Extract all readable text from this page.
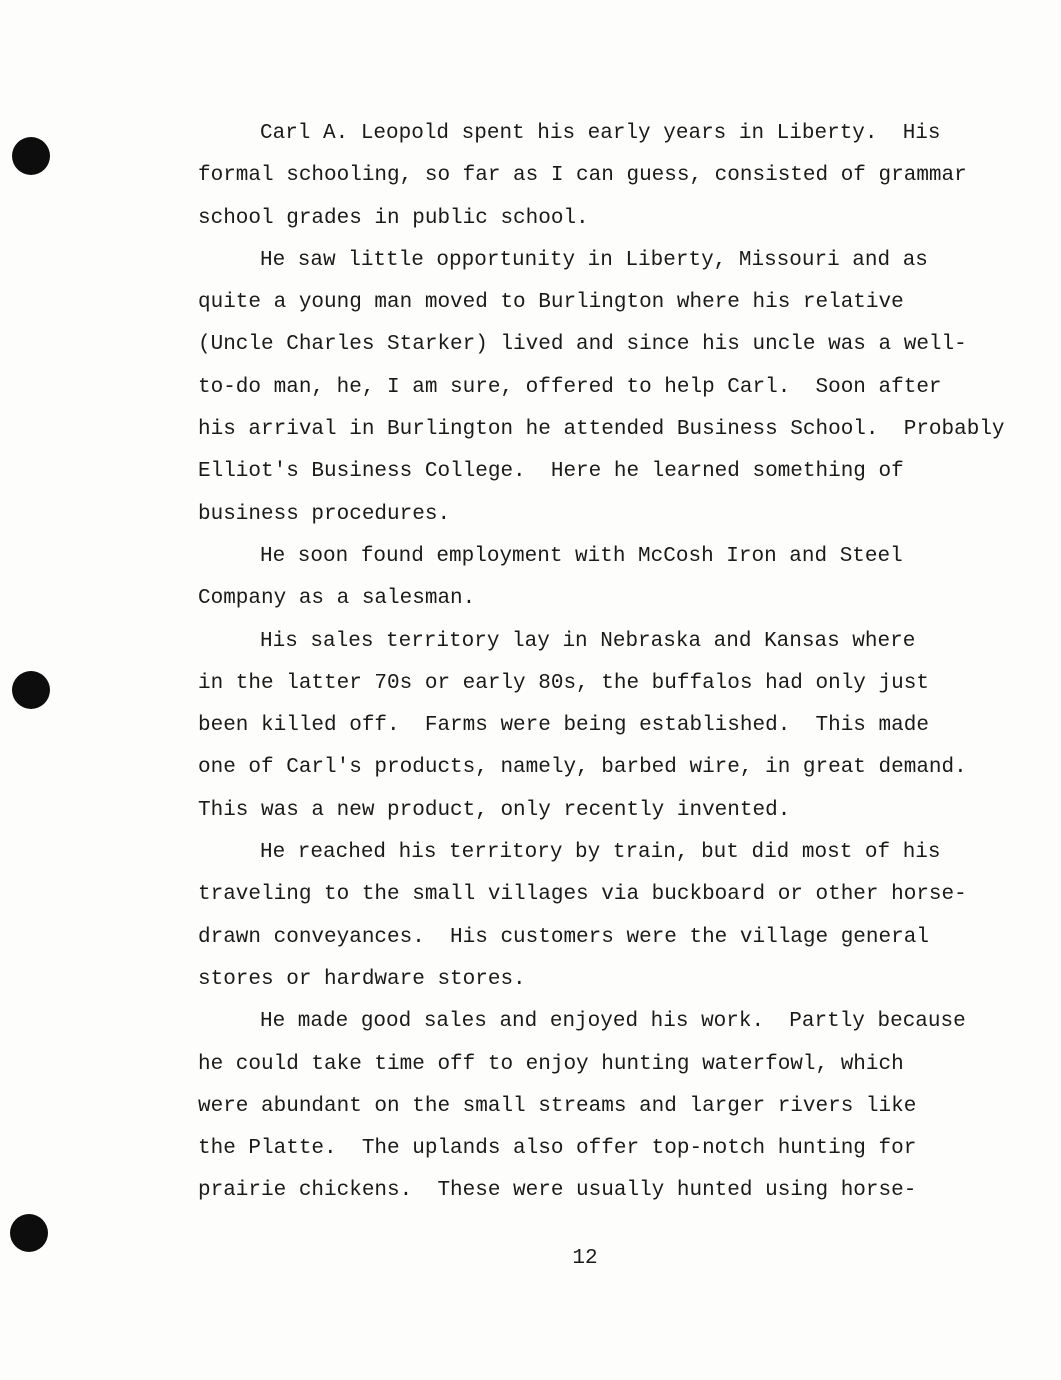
Carl A. Leopold spent his early years in Liberty.  His
formal schooling, so far as I can guess, consisted of grammar
school grades in public school.
He saw little opportunity in Liberty, Missouri and as
quite a young man moved to Burlington where his relative
(Uncle Charles Starker) lived and since his uncle was a well-
to-do man, he, I am sure, offered to help Carl.  Soon after
his arrival in Burlington he attended Business School.  Probably
Elliot's Business College.  Here he learned something of
business procedures.
He soon found employment with McCosh Iron and Steel
Company as a salesman.
His sales territory lay in Nebraska and Kansas where
in the latter 70s or early 80s, the buffalos had only just
been killed off.  Farms were being established.  This made
one of Carl's products, namely, barbed wire, in great demand.
This was a new product, only recently invented.
He reached his territory by train, but did most of his
traveling to the small villages via buckboard or other horse-
drawn conveyances.  His customers were the village general
stores or hardware stores.
He made good sales and enjoyed his work.  Partly because
he could take time off to enjoy hunting waterfowl, which
were abundant on the small streams and larger rivers like
the Platte.  The uplands also offer top-notch hunting for
prairie chickens.  These were usually hunted using horse-
12
